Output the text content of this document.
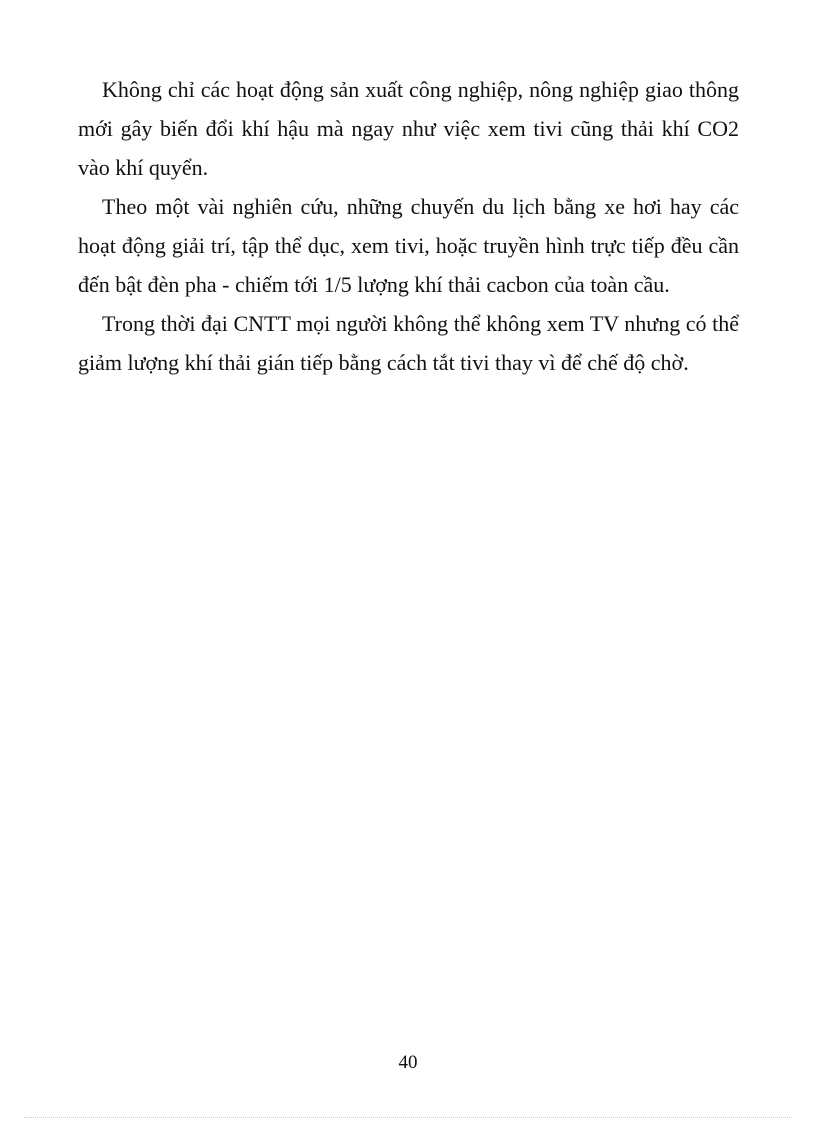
Không chỉ các hoạt động sản xuất công nghiệp, nông nghiệp giao thông mới gây biến đổi khí hậu mà ngay như việc xem tivi cũng thải khí CO2 vào khí quyển.

Theo một vài nghiên cứu, những chuyến du lịch bằng xe hơi hay các hoạt động giải trí, tập thể dục, xem tivi, hoặc truyền hình trực tiếp đều cần đến bật đèn pha - chiếm tới 1/5 lượng khí thải cacbon của toàn cầu.

Trong thời đại CNTT mọi người không thể không xem TV nhưng có thể giảm lượng khí thải gián tiếp bằng cách tắt tivi thay vì để chế độ chờ.

40
